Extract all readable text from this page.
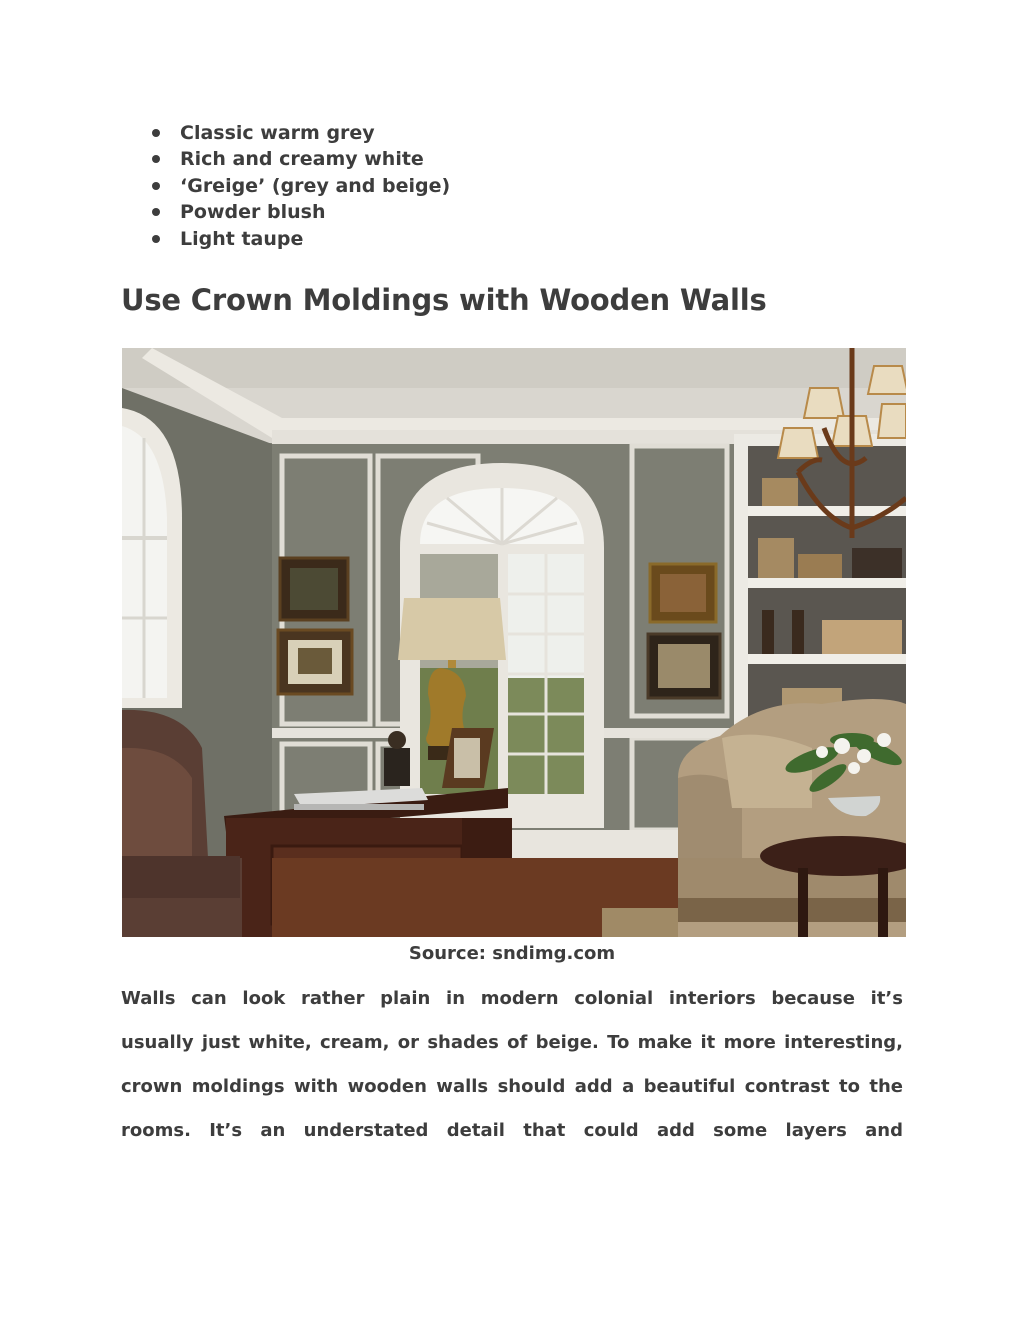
Classic warm grey
Rich and creamy white
‘Greige’ (grey and beige)
Powder blush
Light taupe
Use Crown Moldings with Wooden Walls
Source: sndimg.com
Walls can look rather plain in modern colonial interiors because it’s
usually just white, cream, or shades of beige. To make it more interesting,
crown moldings with wooden walls should add a beautiful contrast to the
rooms. It’s an understated detail that could add some layers and
